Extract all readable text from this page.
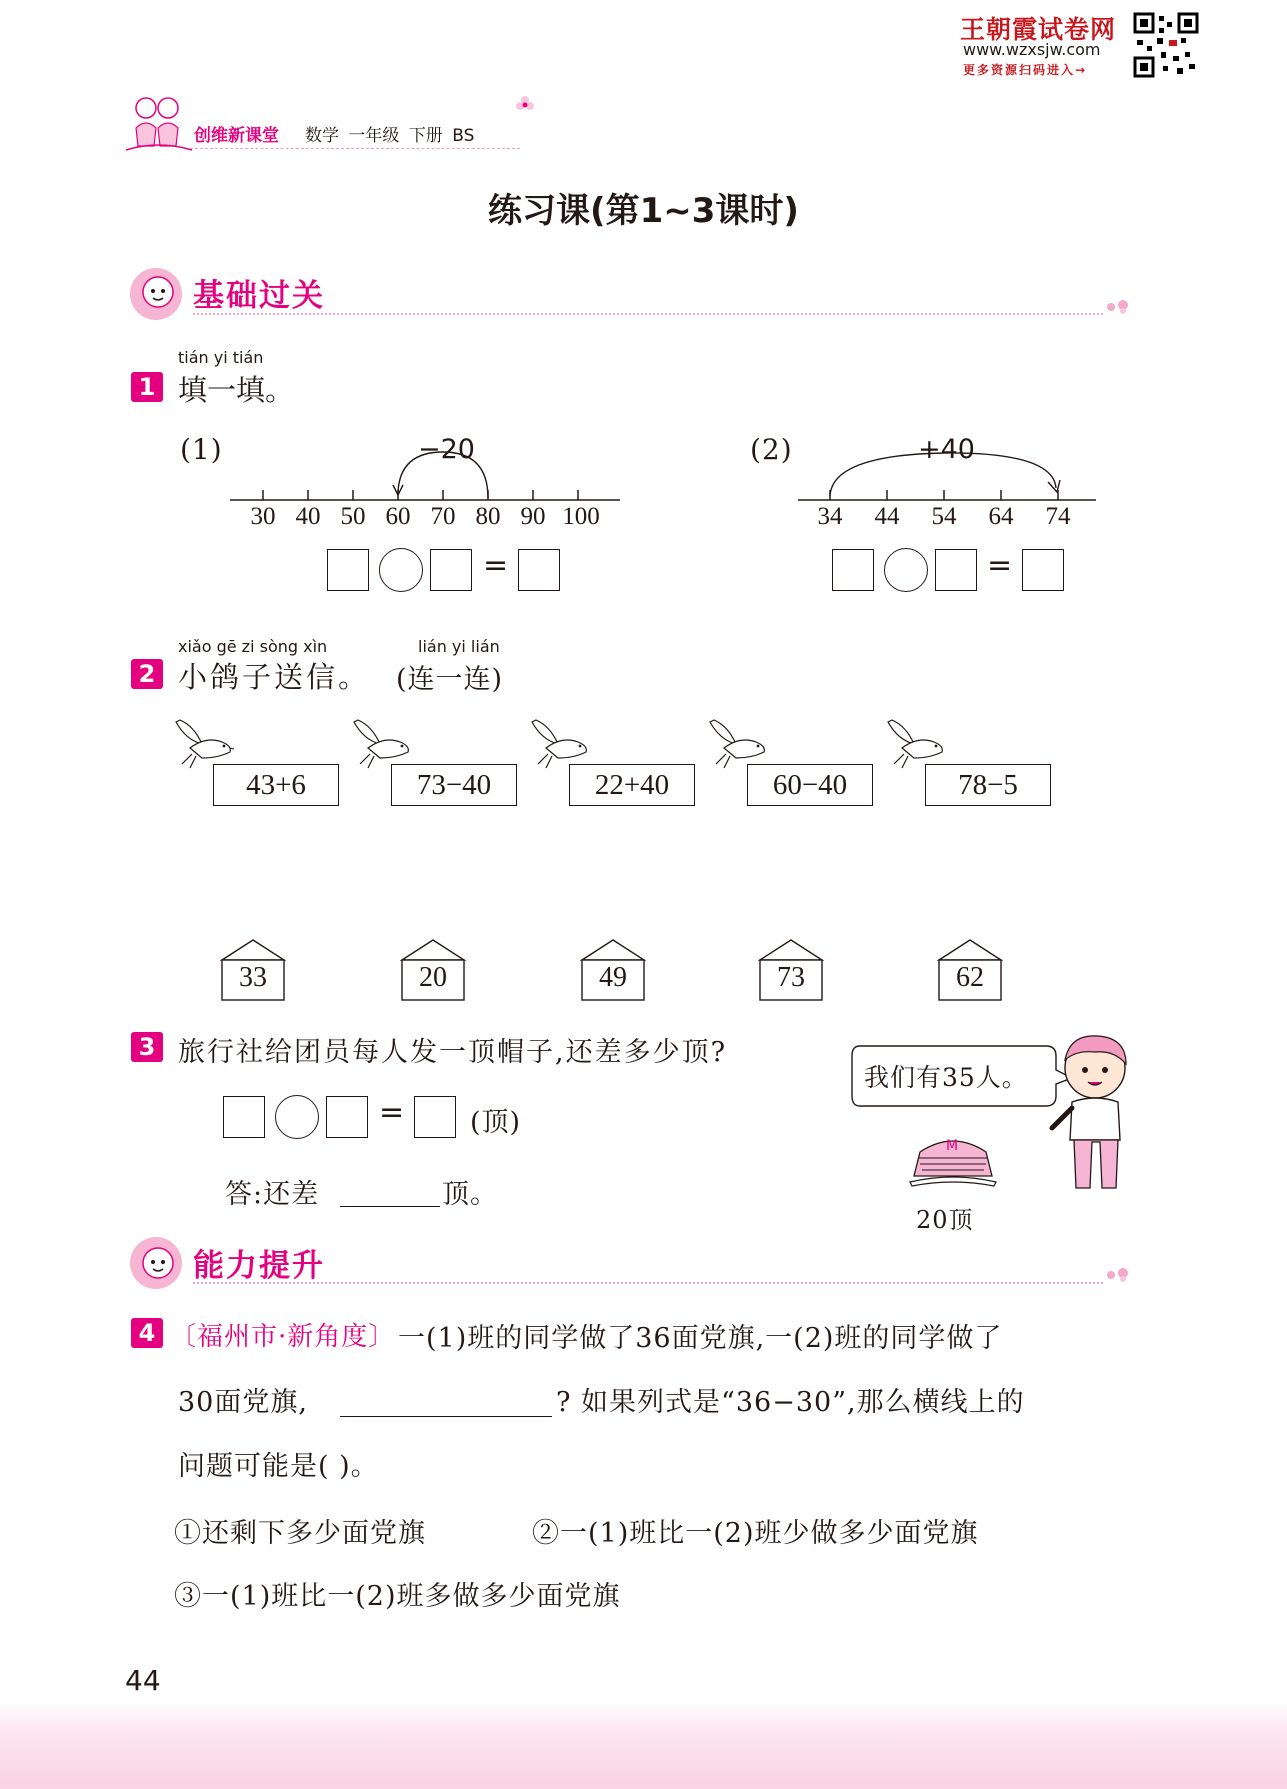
王朝霞试卷网
www.wzxsjw.com
更多资源扫码进入→
创维新课堂 数学 一年级 下册 BS
练习课(第1~3课时)
基础过关
tián yi tián
1 填一填。
(1)	−20
30 40 50 60 70 80 90 100
=
(2)	+40
34	44	54	64	74
=
xiǎo gē zi sòng xìn	lián yi lián
2 小鸽子送信。 (连一连)
43+6	73−40	22+40	60−40	78−5
33	20	49	73	62
3 旅行社给团员每人发一顶帽子,还差多少顶?
= (顶)
答:还差	顶。
我们有35人。
M
20顶
能力提升
4 〔福州市·新角度〕 一(1)班的同学做了36面党旗,一(2)班的同学做了
30面党旗,	? 如果列式是“36−30”,那么横线上的
问题可能是( )。
①还剩下多少面党旗	②一(1)班比一(2)班少做多少面党旗
③一(1)班比一(2)班多做多少面党旗
44
